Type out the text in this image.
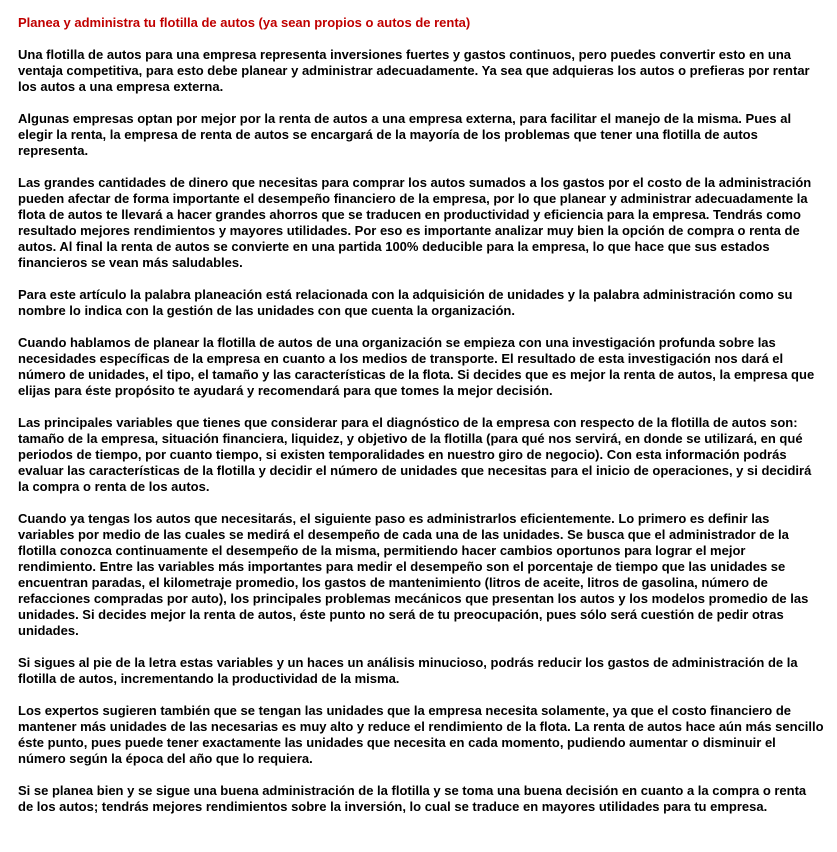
Planea y administra tu flotilla de autos (ya sean propios o autos de renta)

Una flotilla de autos para una empresa representa inversiones fuertes y gastos continuos, pero puedes convertir esto en una ventaja competitiva, para esto debe planear y administrar adecuadamente. Ya sea que adquieras los autos o prefieras por rentar los autos a una empresa externa.

Algunas empresas optan por mejor por la renta de autos a una empresa externa, para facilitar el manejo de la misma. Pues al elegir la renta, la empresa de renta de autos se encargará de la mayoría de los problemas que tener una flotilla de autos representa.

Las grandes cantidades de dinero que necesitas para comprar los autos sumados a los gastos por el costo de la administración pueden afectar de forma importante el desempeño financiero de la empresa, por lo que planear y administrar adecuadamente la flota de autos te llevará a hacer grandes ahorros que se traducen en productividad y eficiencia para la empresa. Tendrás como resultado mejores rendimientos y mayores utilidades. Por eso es importante analizar muy bien la opción de compra o renta de autos. Al final la renta de autos se convierte en una partida 100% deducible para la empresa, lo que hace que sus estados financieros se vean más saludables.

Para este artículo la palabra planeación está relacionada con la adquisición de unidades y la palabra administración como su nombre lo indica con la gestión de las unidades con que cuenta la organización.

Cuando hablamos de planear la flotilla de autos de una organización se empieza con una investigación profunda sobre las necesidades específicas de la empresa en cuanto a los medios de transporte. El resultado de esta investigación nos dará el número de unidades, el tipo, el tamaño y las características de la flota. Si decides que es mejor la renta de autos, la empresa que elijas para éste propósito te ayudará y recomendará para que tomes la mejor decisión.

Las principales variables que tienes que considerar para el diagnóstico de la empresa con respecto de la flotilla de autos son: tamaño de la empresa, situación financiera, liquidez, y objetivo de la flotilla (para qué nos servirá, en donde se utilizará, en qué periodos de tiempo, por cuanto tiempo, si existen temporalidades en nuestro giro de negocio). Con esta información podrás evaluar las características de la flotilla y decidir el número de unidades que necesitas para el inicio de operaciones, y si decidirá la compra o renta de los autos.

Cuando ya tengas los autos que necesitarás, el siguiente paso es administrarlos eficientemente. Lo primero es definir las variables por medio de las cuales se medirá el desempeño de cada una de las unidades. Se busca que el administrador de la flotilla conozca continuamente el desempeño de la misma, permitiendo hacer cambios oportunos para lograr el mejor rendimiento. Entre las variables más importantes para medir el desempeño son el porcentaje de tiempo que las unidades se encuentran paradas, el kilometraje promedio, los gastos de mantenimiento (litros de aceite, litros de gasolina, número de refacciones compradas por auto), los principales problemas mecánicos que presentan los autos y los modelos promedio de las unidades. Si decides mejor la renta de autos, éste punto no será de tu preocupación, pues sólo será cuestión de pedir otras unidades.

Si sigues al pie de la letra estas variables y un haces un análisis minucioso, podrás reducir los gastos de administración de la flotilla de autos, incrementando la productividad de la misma.

Los expertos sugieren también que se tengan las unidades que la empresa necesita solamente, ya que el costo financiero de mantener más unidades de las necesarias es muy alto y reduce el rendimiento de la flota. La renta de autos hace aún más sencillo éste punto, pues puede tener exactamente las unidades que necesita en cada momento, pudiendo aumentar o disminuir el número según la época del año que lo requiera.

Si se planea bien y se sigue una buena administración de la flotilla y se toma una buena decisión en cuanto a la compra o renta de los autos; tendrás mejores rendimientos sobre la inversión, lo cual se traduce en mayores utilidades para tu empresa.
